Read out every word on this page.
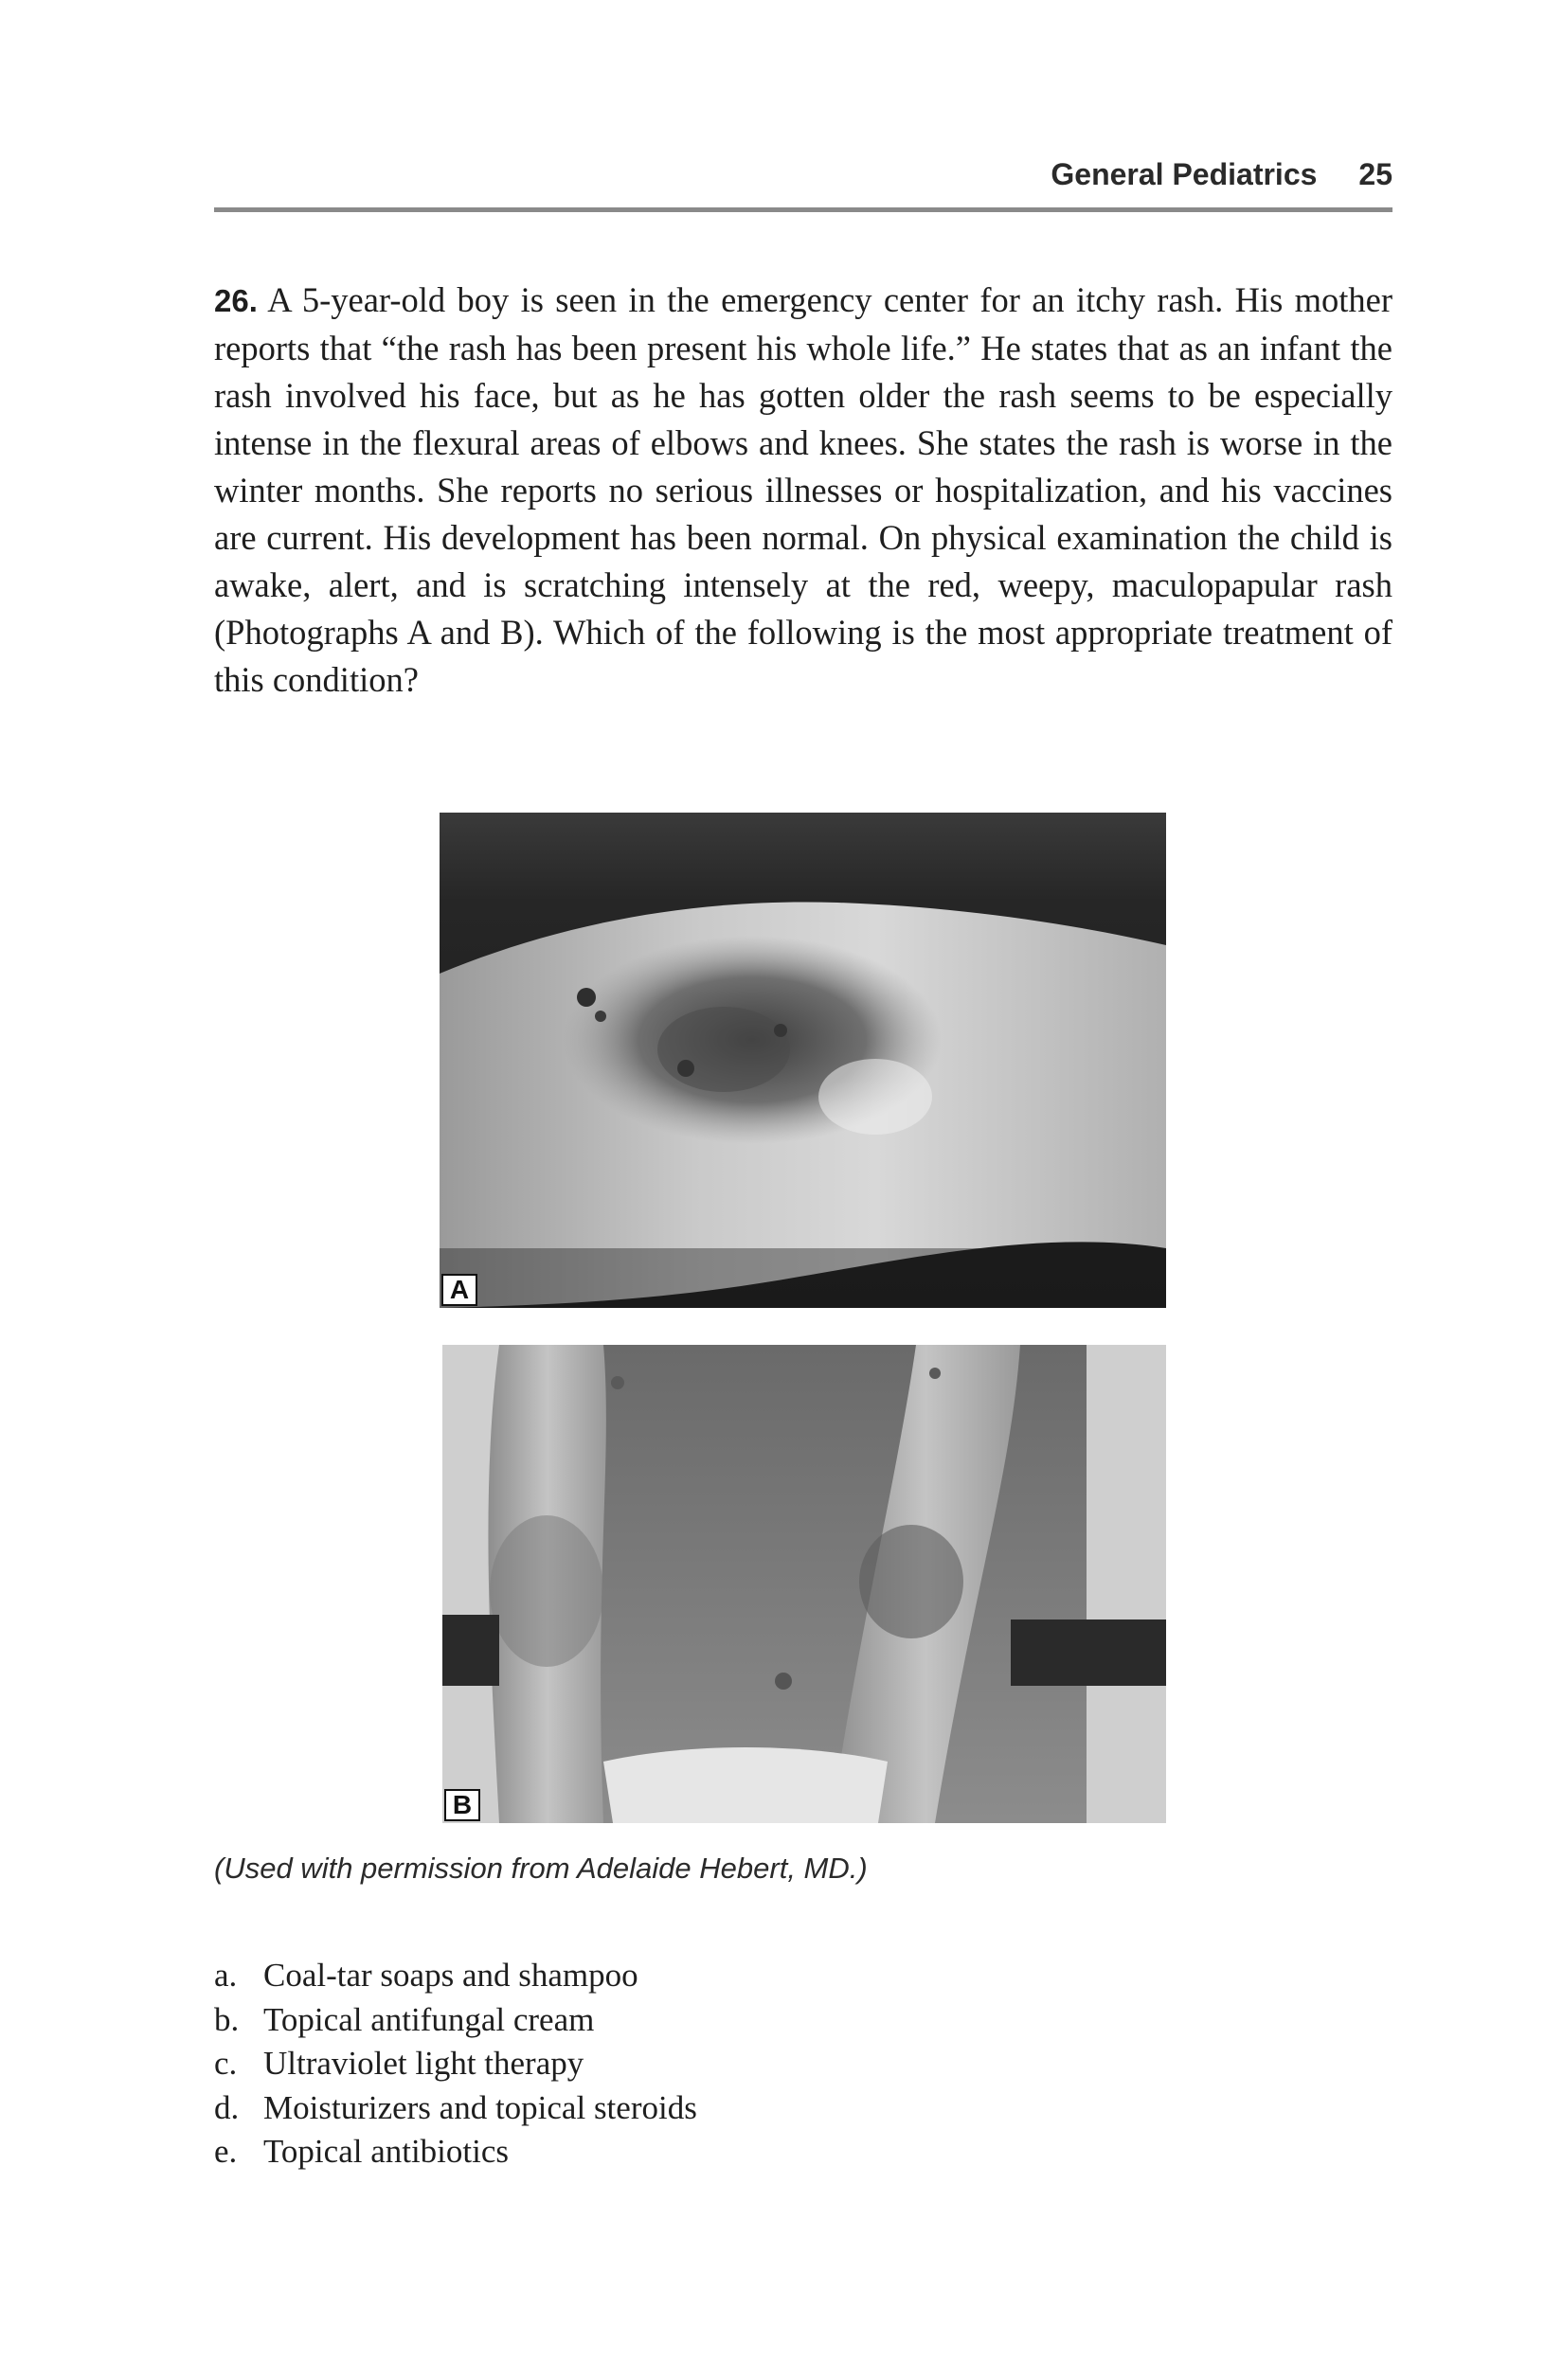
General Pediatrics 25

26. A 5-year-old boy is seen in the emergency center for an itchy rash. His mother reports that “the rash has been present his whole life.” He states that as an infant the rash involved his face, but as he has gotten older the rash seems to be especially intense in the flexural areas of elbows and knees. She states the rash is worse in the winter months. She reports no serious illnesses or hospitalization, and his vaccines are current. His development has been normal. On physical examination the child is awake, alert, and is scratching intensely at the red, weepy, maculopapular rash (Photographs A and B). Which of the following is the most appropriate treatment of this condition?

A
B
(Used with permission from Adelaide Hebert, MD.)
a. Coal-tar soaps and shampoo
b. Topical antifungal cream
c. Ultraviolet light therapy
d. Moisturizers and topical steroids
e. Topical antibiotics
